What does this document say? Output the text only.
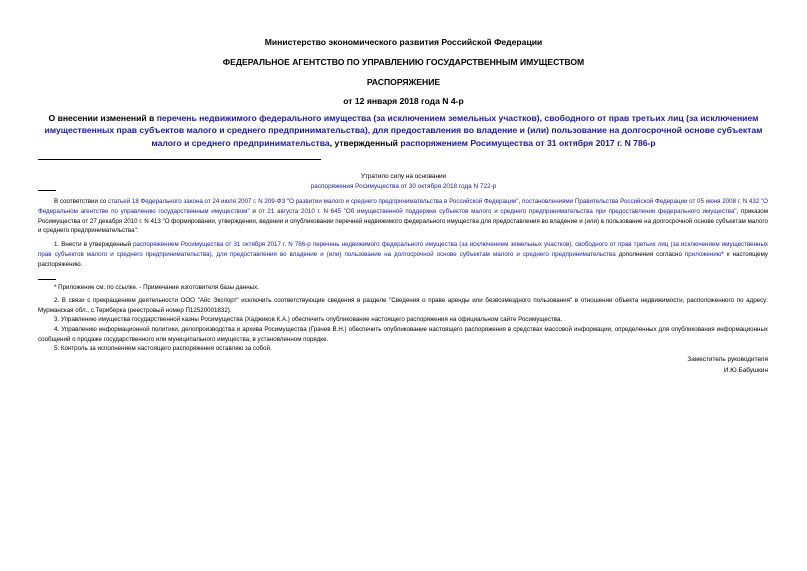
Министерство экономического развития Российской Федерации
ФЕДЕРАЛЬНОЕ АГЕНТСТВО ПО УПРАВЛЕНИЮ ГОСУДАРСТВЕННЫМ ИМУЩЕСТВОМ
РАСПОРЯЖЕНИЕ
от 12 января 2018 года N 4-р
О внесении изменений в перечень недвижимого федерального имущества (за исключением земельных участков), свободного от прав третьих лиц (за исключением имущественных прав субъектов малого и среднего предпринимательства), для предоставления во владение и (или) пользование на долгосрочной основе субъектам малого и среднего предпринимательства, утвержденный распоряжением Росимущества от 31 октября 2017 г. N 786-р
Утратило силу на основании
распоряжения Росимущества от 30 октября 2018 года N 722-р
В соответствии со статьей 18 Федерального закона от 24 июля 2007 г. N 209-ФЗ "О развитии малого и среднего предпринимательства в Российской Федерации", постановлениями Правительства Российской Федерации от 05 июня 2008 г. N 432 "О Федеральном агентстве по управлению государственным имуществом" и от 21 августа 2010 г. N 645 "Об имущественной поддержке субъектов малого и среднего предпринимательства при предоставлении федерального имущества", приказом Росимущества от 27 декабря 2010 г. N 413 "О формировании, утверждении, ведении и опубликовании перечней недвижимого федерального имущества для предоставления во владение и (или) в пользование на долгосрочной основе субъектам малого и среднего предпринимательства":
1. Внести в утвержденный распоряжением Росимущества от 31 октября 2017 г. N 786-р перечень недвижимого федерального имущества (за исключением земельных участков), свободного от прав третьих лиц (за исключением имущественных прав субъектов малого и среднего предпринимательства), для предоставления во владение и (или) пользование на долгосрочной основе субъектам малого и среднего предпринимательства дополнения согласно приложению* к настоящему распоряжению.
* Приложение см. по ссылке. - Примечание изготовителя базы данных.
2. В связи с прекращением деятельности ООО "Айс Экспорт" исключить соответствующие сведения в разделе "Сведения о праве аренды или безвозмездного пользования" в отношении объекта недвижимости, расположенного по адресу: Мурманская обл., с.Териберка (реестровый номер П12520001832).
3. Управлению имущества государственной казны Росимущества (Хаджиков К.А.) обеспечить опубликование настоящего распоряжения на официальном сайте Росимущества.
4. Управлению информационной политики, делопроизводства и архива Росимущества (Грачев В.Н.) обеспечить опубликование настоящего распоряжения в средствах массовой информации, определенных для опубликования информационных сообщений о продаже государственного или муниципального имущества, в установленном порядке.
5. Контроль за исполнением настоящего распоряжения оставляю за собой.
Заместитель руководителя
И.Ю.Бабушкин
